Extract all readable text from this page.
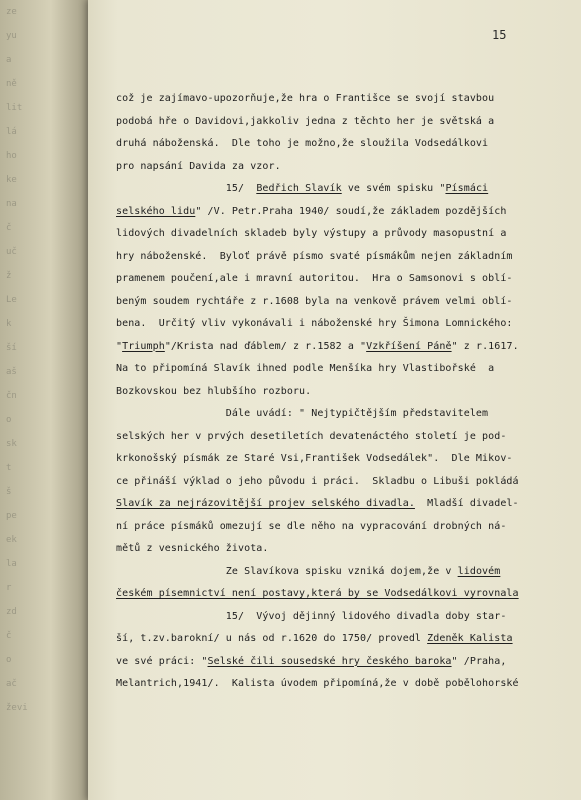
ze
yu
a
ně
lit
lá
ho
ke
na
č
uč
ž
Le
k
ší
aš
čn
o
sk
t
š
pe
ek
la
r
zd
č
o
ač
ževi
15
což je zajímavo-upozorňuje,že hra o Františce se svojí stavbou
podobá hře o Davidovi,jakkoliv jedna z těchto her je světská a
druhá náboženská.  Dle toho je možno,že sloužila Vodsedálkovi
pro napsání Davida za vzor.
15/  Bedřich Slavík ve svém spisku "Písmáci
selského lidu" /V. Petr.Praha 1940/ soudí,že základem pozdějších
lidových divadelních skladeb byly výstupy a průvody masopustní a
hry náboženské.  Byloť právě písmo svaté písmákům nejen základním
pramenem poučení,ale i mravní autoritou.  Hra o Samsonovi s oblí-
beným soudem rychtáře z r.1608 byla na venkově právem velmi oblí-
bena.  Určitý vliv vykonávali i náboženské hry Šimona Lomnického:
"Triumph"/Krista nad ďáblem/ z r.1582 a "Vzkříšení Páně" z r.1617.
Na to připomíná Slavík ihned podle Menšíka hry Vlastibořské  a
Bozkovskou bez hlubšího rozboru.
Dále uvádí: " Nejtypičtějším představitelem
selských her v prvých desetiletích devatenáctého století je pod-
krkonošský písmák ze Staré Vsi,František Vodsedálek".  Dle Mikov-
ce přináší výklad o jeho původu i práci.  Skladbu o Libuši pokládá
Slavík za nejrázovitější projev selského divadla.  Mladší divadel-
ní práce písmáků omezují se dle něho na vypracování drobných ná-
mětů z vesnického života.
Ze Slavíkova spisku vzniká dojem,že v lidovém
českém písemnictví není postavy,která by se Vodsedálkovi vyrovnala
15/  Vývoj dějinný lidového divadla doby star-
ší, t.zv.barokní/ u nás od r.1620 do 1750/ provedl Zdeněk Kalista
ve své práci: "Selské čili sousedské hry českého baroka" /Praha,
Melantrich,1941/.  Kalista úvodem připomíná,že v době pobělohorské
